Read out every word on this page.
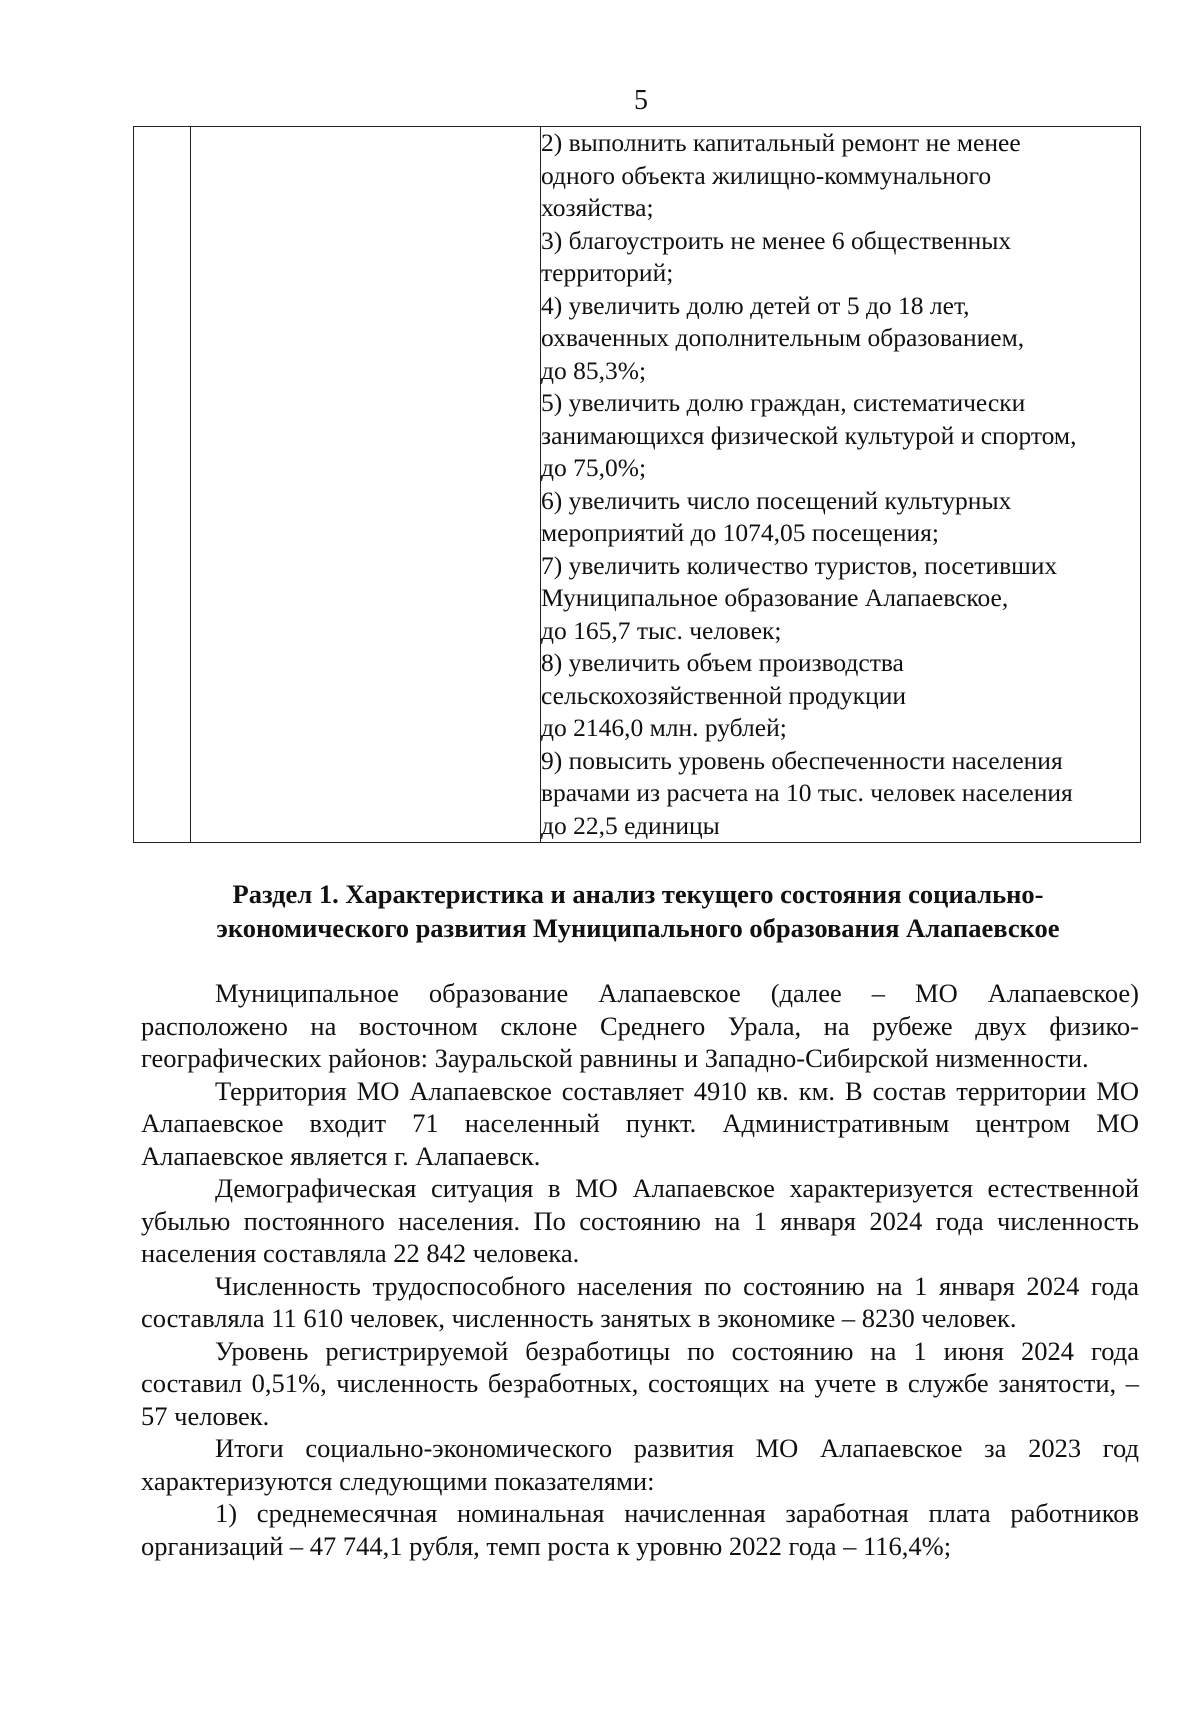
5

2) выполнить капитальный ремонт не менее
одного объекта жилищно-коммунального
хозяйства;
3) благоустроить не менее 6 общественных
территорий;
4) увеличить долю детей от 5 до 18 лет,
охваченных дополнительным образованием,
до 85,3%;
5) увеличить долю граждан, систематически
занимающихся физической культурой и спортом,
до 75,0%;
6) увеличить число посещений культурных
мероприятий до 1074,05 посещения;
7) увеличить количество туристов, посетивших
Муниципальное образование Алапаевское,
до 165,7 тыс. человек;
8) увеличить объем производства
сельскохозяйственной продукции
до 2146,0 млн. рублей;
9) повысить уровень обеспеченности населения
врачами из расчета на 10 тыс. человек населения
до 22,5 единицы
Раздел 1. Характеристика и анализ текущего состояния социально-
экономического развития Муниципального образования Алапаевское

Муниципальное образование Алапаевское (далее – МО Алапаевское) расположено на восточном склоне Среднего Урала, на рубеже двух физико-географических районов: Зауральской равнины и Западно-Сибирской низменности.

Территория МО Алапаевское составляет 4910 кв. км. В состав территории МО Алапаевское входит 71 населенный пункт. Административным центром МО Алапаевское является г. Алапаевск.

Демографическая ситуация в МО Алапаевское характеризуется естественной убылью постоянного населения. По состоянию на 1 января 2024 года численность населения составляла 22 842 человека.

Численность трудоспособного населения по состоянию на 1 января 2024 года составляла 11 610 человек, численность занятых в экономике – 8230 человек.

Уровень регистрируемой безработицы по состоянию на 1 июня 2024 года составил 0,51%, численность безработных, состоящих на учете в службе занятости, – 57 человек.

Итоги социально-экономического развития МО Алапаевское за 2023 год характеризуются следующими показателями:

1) среднемесячная номинальная начисленная заработная плата работников организаций – 47 744,1 рубля, темп роста к уровню 2022 года – 116,4%;
